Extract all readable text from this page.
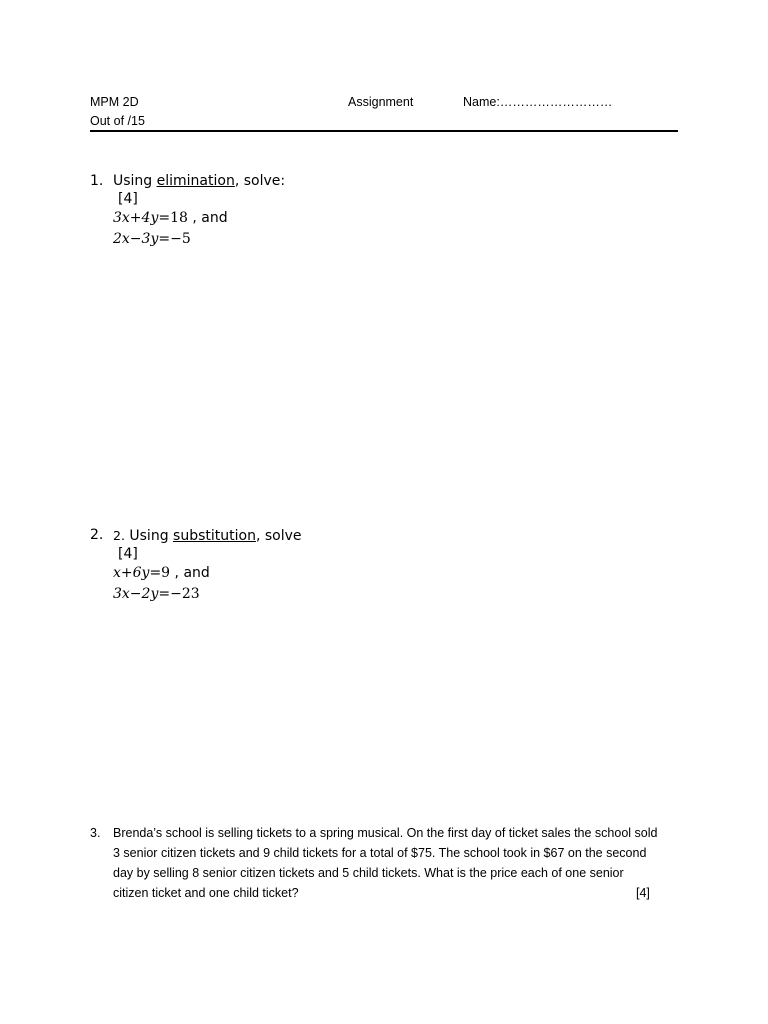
MPM 2D
Out of /15
Assignment	Name:………………………
1. Using elimination, solve:
[4]
3x+4y=18 , and
2x−3y=−5
2. 2. Using substitution, solve
[4]
x+6y=9 , and
3x−2y=−23
3. Brenda’s school is selling tickets to a spring musical. On the first day of ticket sales the school sold 3 senior citizen tickets and 9 child tickets for a total of $75. The school took in $67 on the second day by selling 8 senior citizen tickets and 5 child tickets. What is the price each of one senior citizen ticket and one child ticket?	[4]
